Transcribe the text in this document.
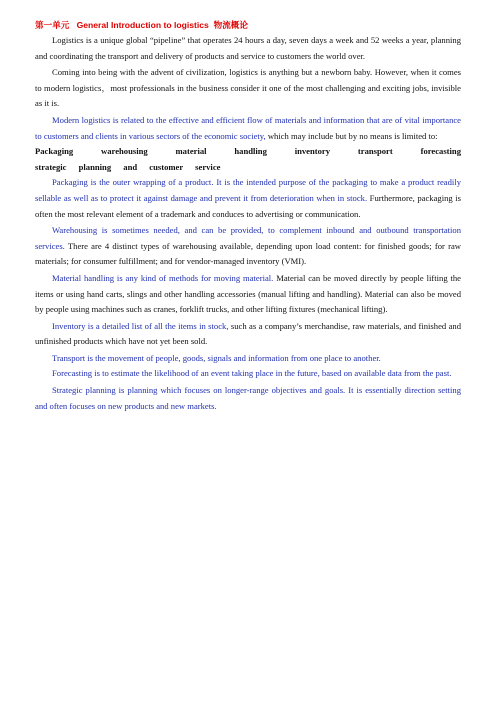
第一单元 General Introduction to logistics 物流概论

Logistics is a unique global “pipeline” that operates 24 hours a day, seven days a week and 52 weeks a year, planning and coordinating the transport and delivery of products and service to customers the world over.

Coming into being with the advent of civilization, logistics is anything but a newborn baby. However, when it comes to modern logistics，most professionals in the business consider it one of the most challenging and exciting jobs, invisible as it is.

Modern logistics is related to the effective and efficient flow of materials and information that are of vital importance to customers and clients in various sectors of the economic society, which may include but by no means is limited to:

Packaging warehousing material handling inventory transport forecasting

strategic planning and customer service

Packaging is the outer wrapping of a product. It is the intended purpose of the packaging to make a product readily sellable as well as to protect it against damage and prevent it from deterioration when in stock. Furthermore, packaging is often the most relevant element of a trademark and conduces to advertising or communication.

Warehousing is sometimes needed, and can be provided, to complement inbound and outbound transportation services. There are 4 distinct types of warehousing available, depending upon load content: for finished goods; for raw materials; for consumer fulfillment; and for vendor-managed inventory (VMI).

Material handling is any kind of methods for moving material. Material can be moved directly by people lifting the items or using hand carts, slings and other handling accessories (manual lifting and handling). Material can also be moved by people using machines such as cranes, forklift trucks, and other lifting fixtures (mechanical lifting).

Inventory is a detailed list of all the items in stock, such as a company’s merchandise, raw materials, and finished and unfinished products which have not yet been sold.

Transport is the movement of people, goods, signals and information from one place to another.

Forecasting is to estimate the likelihood of an event taking place in the future, based on available data from the past.

Strategic planning is planning which focuses on longer-range objectives and goals. It is essentially direction setting and often focuses on new products and new markets.
